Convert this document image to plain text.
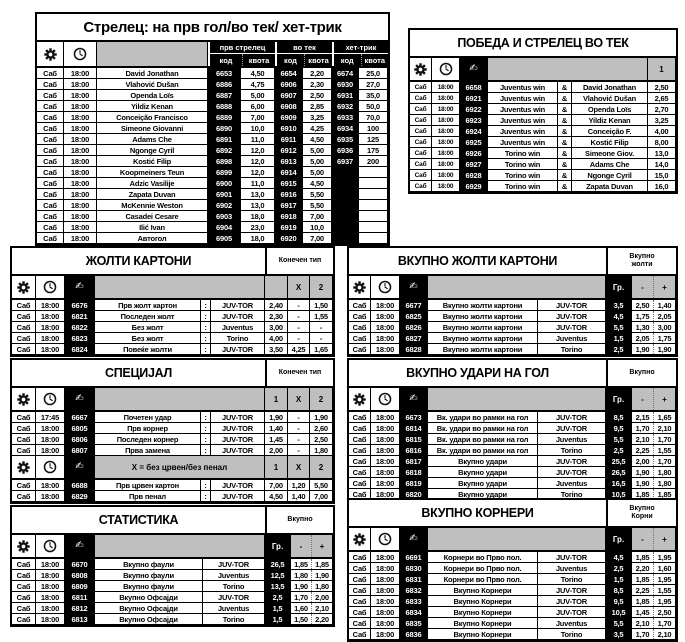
Стрелец: на прв гол/во тек/ хет-трик
прв стрелец
код	квота
во тек
код	квота
хет-трик
код	квота
Саб	18:00	David Jonathan	6653	4,50	6654	2,20	6674	25,0
Саб	18:00	Vlahović Dušan	6886	4,75	6906	2,30	6930	27,0
Саб	18:00	Openda Loïs	6887	5,00	6907	2,50	6931	35,0
Саб	18:00	Yildiz Kenan	6888	6,00	6908	2,85	6932	50,0
Саб	18:00	Conceição Francisco	6889	7,00	6909	3,25	6933	70,0
Саб	18:00	Simeone Giovanni	6890	10,0	6910	4,25	6934	100
Саб	18:00	Adams Che	6891	11,0	6911	4,50	6935	125
Саб	18:00	Ngonge Cyril	6892	12,0	6912	5,00	6936	175
Саб	18:00	Kostić Filip	6898	12,0	6913	5,00	6937	200
Саб	18:00	Koopmeiners Teun	6899	12,0	6914	5,00
Саб	18:00	Adzic Vasilije	6900	11,0	6915	4,50
Саб	18:00	Zapata Duvan	6901	13,0	6916	5,50
Саб	18:00	McKennie Weston	6902	13,0	6917	5,50
Саб	18:00	Casadei Cesare	6903	18,0	6918	7,00
Саб	18:00	Ilić Ivan	6904	23,0	6919	10,0
Саб	18:00	Автогол	6905	18,0	6920	7,00
ПОБЕДА И СТРЕЛЕЦ ВО ТЕК
✍	1
Саб	18:00	6658	Juventus win	&	David Jonathan	2,50
Саб	18:00	6921	Juventus win	&	Vlahović Dušan	2,65
Саб	18:00	6922	Juventus win	&	Openda Loïs	2,70
Саб	18:00	6923	Juventus win	&	Yildiz Kenan	3,25
Саб	18:00	6924	Juventus win	&	Conceição F.	4,00
Саб	18:00	6925	Juventus win	&	Kostić Filip	8,00
Саб	18:00	6926	Torino win	&	Simeone Giov.	13,0
Саб	18:00	6927	Torino win	&	Adams Che	14,0
Саб	18:00	6928	Torino win	&	Ngonge Cyril	15,0
Саб	18:00	6929	Torino win	&	Zapata Duvan	16,0
ЖОЛТИ КАРТОНИ	Конечен тип
✍	X	2
Саб	18:00	6676	Прв жолт картон	:	JUV-TOR	2,40	-	1,50
Саб	18:00	6821	Последен жолт	:	JUV-TOR	2,30	-	1,55
Саб	18:00	6822	Без жолт	:	Juventus	3,00	-	-
Саб	18:00	6823	Без жолт	:	Torino	4,00	-	-
Саб	18:00	6824	Повеќе жолти	:	JUV-TOR	3,50	4,25	1,65
ВКУПНО ЖОЛТИ КАРТОНИ	Вкупно жолти
✍	Гр.	-	+
Саб	18:00	6677	Вкупно жолти картони	JUV-TOR	3,5	2,50	1,40
Саб	18:00	6825	Вкупно жолти картони	JUV-TOR	4,5	1,75	2,05
Саб	18:00	6826	Вкупно жолти картони	JUV-TOR	5,5	1,30	3,00
Саб	18:00	6827	Вкупно жолти картони	Juventus	1,5	2,05	1,75
Саб	18:00	6828	Вкупно жолти картони	Torino	2,5	1,90	1,90
СПЕЦИЈАЛ	Конечен тип
✍	1	X	2
Саб	17:45	6667	Почетен удар	:	JUV-TOR	1,90	-	1,90
Саб	18:00	6805	Прв корнер	:	JUV-TOR	1,40	-	2,60
Саб	18:00	6806	Последен корнер	:	JUV-TOR	1,45	-	2,50
Саб	18:00	6807	Прва замена	:	JUV-TOR	2,00	-	1,80
✍	Х = без црвен/без пенал	1	X	2
Саб	18:00	6688	Прв црвен картон	:	JUV-TOR	7,00	1,20	5,50
Саб	18:00	6829	Прв пенал	:	JUV-TOR	4,50	1,40	7,00
ВКУПНО УДАРИ НА ГОЛ	Вкупно
✍	Гр.	-	+
Саб	18:00	6673	Вк. удари во рамки на гол	JUV-TOR	8,5	2,15	1,65
Саб	18:00	6814	Вк. удари во рамки на гол	JUV-TOR	9,5	1,70	2,10
Саб	18:00	6815	Вк. удари во рамки на гол	Juventus	5,5	2,10	1,70
Саб	18:00	6816	Вк. удари во рамки на гол	Torino	2,5	2,25	1,55
Саб	18:00	6817	Вкупно удари	JUV-TOR	25,5	2,00	1,70
Саб	18:00	6818	Вкупно удари	JUV-TOR	26,5	1,90	1,80
Саб	18:00	6819	Вкупно удари	Juventus	16,5	1,90	1,80
Саб	18:00	6820	Вкупно удари	Torino	10,5	1,85	1,85
СТАТИСТИКА	Вкупно
✍	Гр.	-	+
Саб	18:00	6670	Вкупно фаули	JUV-TOR	26,5	1,85 1,85
Саб	18:00	6808	Вкупно фаули	Juventus	12,5	1,80 1,90
Саб	18:00	6809	Вкупно фаули	Torino	13,5	1,90 1,80
Саб	18:00	6811	Вкупно Офсајди	JUV-TOR	2,5	1,70 2,00
Саб	18:00	6812	Вкупно Офсајди	Juventus	1,5	1,60 2,10
Саб	18:00	6813	Вкупно Офсајди	Torino	1,5	1,50 2,20
ВКУПНО КОРНЕРИ	Вкупно Корни
✍	Гр.	-	+
Саб	18:00	6691	Корнери во Прво пол.	JUV-TOR	4,5	1,85	1,95
Саб	18:00	6830	Корнери во Прво пол.	Juventus	2,5	2,20	1,60
Саб	18:00	6831	Корнери во Прво пол.	Torino	1,5	1,85	1,95
Саб	18:00	6832	Вкупно Корнери	JUV-TOR	8,5	2,25	1,55
Саб	18:00	6833	Вкупно Корнери	JUV-TOR	9,5	1,85	1,95
Саб	18:00	6834	Вкупно Корнери	JUV-TOR	10,5	1,45	2,50
Саб	18:00	6835	Вкупно Корнери	Juventus	5,5	2,10	1,70
Саб	18:00	6836	Вкупно Корнери	Torino	3,5	1,70	2,10
